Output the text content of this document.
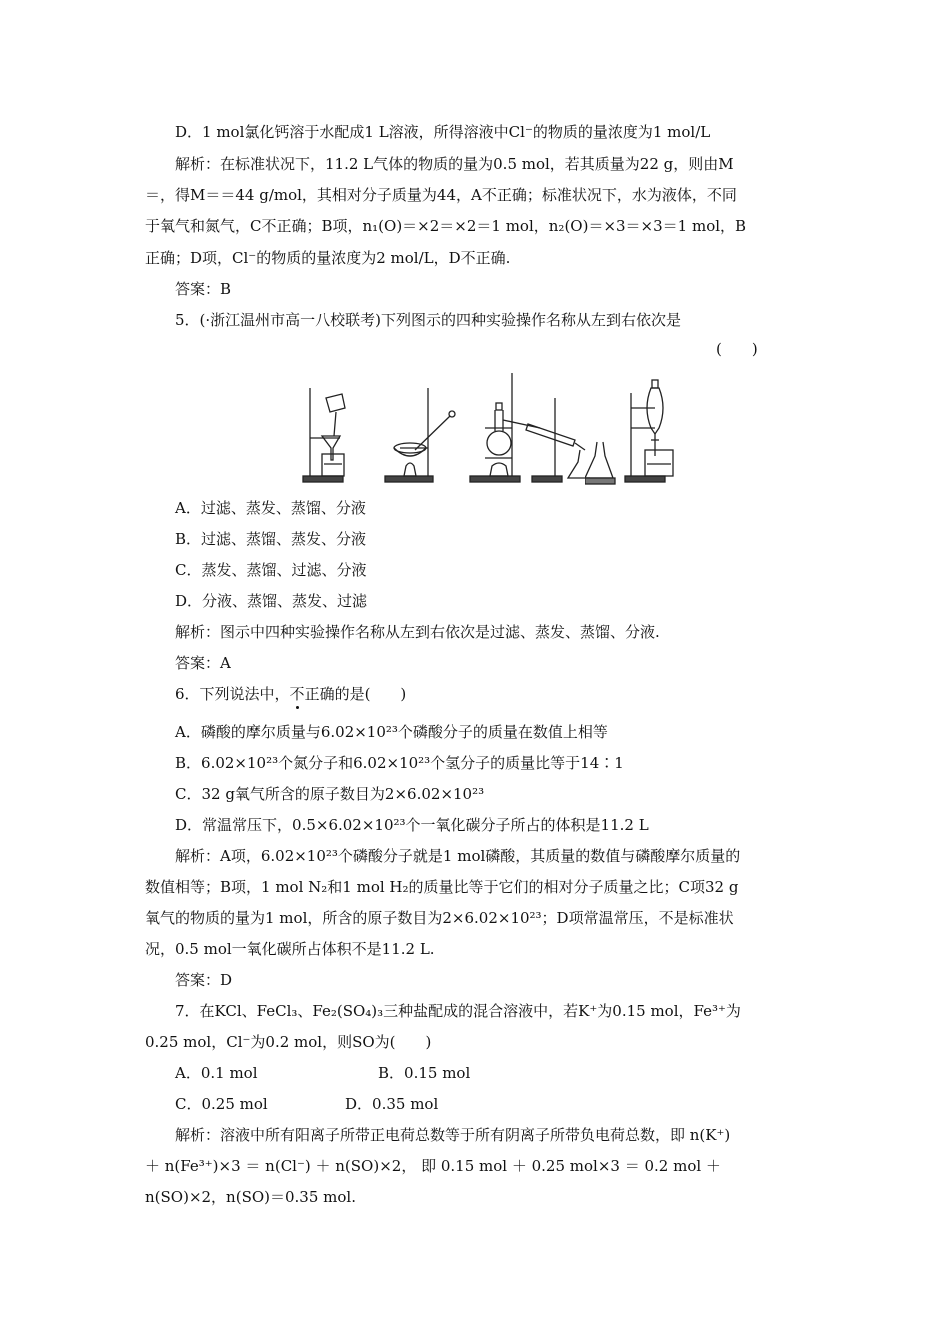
D．1 mol氯化钙溶于水配成1 L溶液，所得溶液中Cl⁻的物质的量浓度为1 mol/L
解析：在标准状况下，11.2 L气体的物质的量为0.5 mol，若其质量为22 g，则由M
＝，得M＝＝44 g/mol，其相对分子质量为44，A不正确；标准状况下，水为液体，不同
于氧气和氮气，C不正确；B项，n₁(O)＝×2＝×2＝1 mol，n₂(O)＝×3＝×3＝1 mol，B
正确；D项，Cl⁻的物质的量浓度为2 mol/L，D不正确.
答案：B
5．(·浙江温州市高一八校联考)下列图示的四种实验操作名称从左到右依次是
(　　)
A．过滤、蒸发、蒸馏、分液
B．过滤、蒸馏、蒸发、分液
C．蒸发、蒸馏、过滤、分液
D．分液、蒸馏、蒸发、过滤
解析：图示中四种实验操作名称从左到右依次是过滤、蒸发、蒸馏、分液.
答案：A
6．下列说法中，不正确的是(　　)
A．磷酸的摩尔质量与6.02×10²³个磷酸分子的质量在数值上相等
B．6.02×10²³个氮分子和6.02×10²³个氢分子的质量比等于14∶1
C．32 g氧气所含的原子数目为2×6.02×10²³
D．常温常压下，0.5×6.02×10²³个一氧化碳分子所占的体积是11.2 L
解析：A项，6.02×10²³个磷酸分子就是1 mol磷酸，其质量的数值与磷酸摩尔质量的
数值相等；B项，1 mol N₂和1 mol H₂的质量比等于它们的相对分子质量之比；C项32 g
氧气的物质的量为1 mol，所含的原子数目为2×6.02×10²³；D项常温常压，不是标准状
况，0.5 mol一氧化碳所占体积不是11.2 L.
答案：D
7．在KCl、FeCl₃、Fe₂(SO₄)₃三种盐配成的混合溶液中，若K⁺为0.15 mol，Fe³⁺为
0.25 mol，Cl⁻为0.2 mol，则SO为(　　)
A．0.1 mol	B．0.15 mol
C．0.25 mol	D．0.35 mol
解析：溶液中所有阳离子所带正电荷总数等于所有阴离子所带负电荷总数，即 n(K⁺)
＋ n(Fe³⁺)×3 ＝ n(Cl⁻) ＋ n(SO)×2， 即 0.15 mol ＋ 0.25 mol×3 ＝ 0.2 mol ＋
n(SO)×2，n(SO)＝0.35 mol.
